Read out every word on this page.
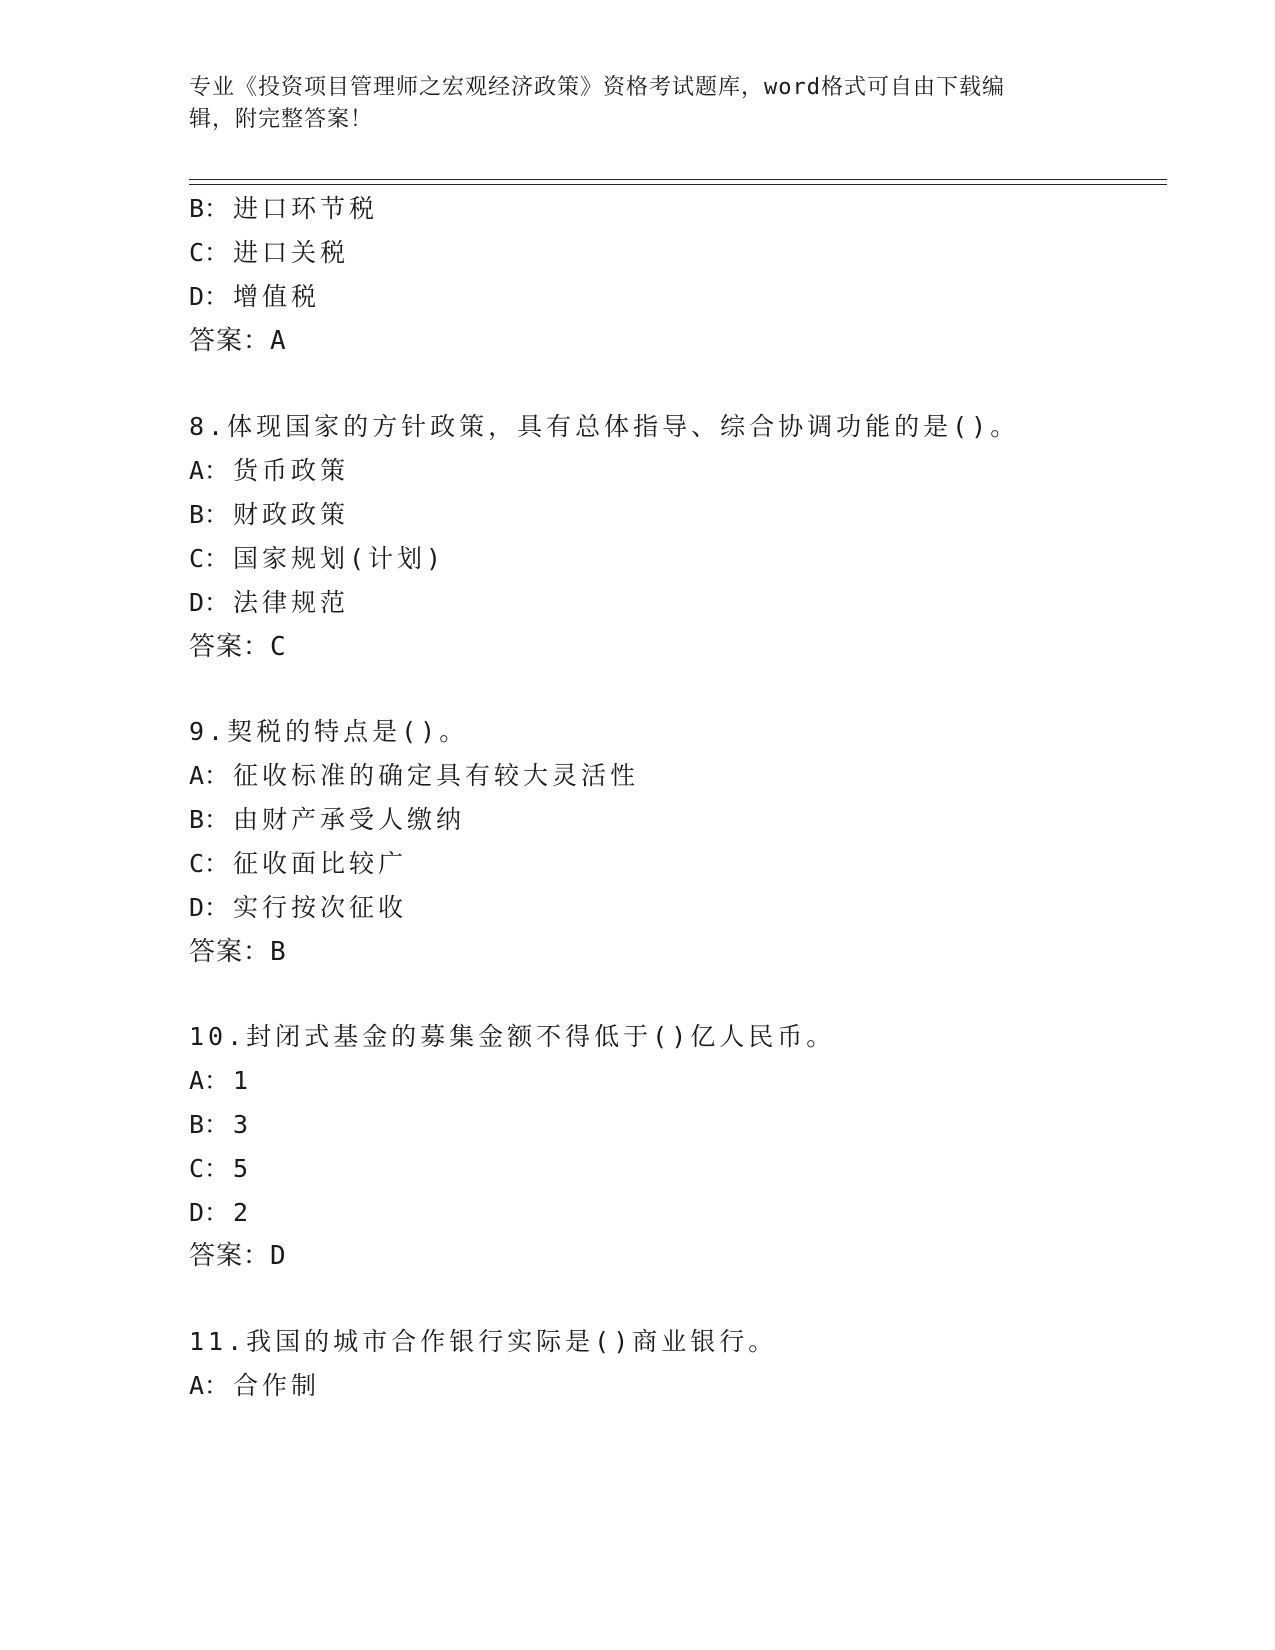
专业《投资项目管理师之宏观经济政策》资格考试题库，word格式可自由下载编
辑，附完整答案！
B： 进口环节税
C： 进口关税
D： 增值税
答案：A
8.体现国家的方针政策，具有总体指导、综合协调功能的是()。
A： 货币政策
B： 财政政策
C： 国家规划(计划)
D： 法律规范
答案：C
9.契税的特点是()。
A： 征收标准的确定具有较大灵活性
B： 由财产承受人缴纳
C： 征收面比较广
D： 实行按次征收
答案：B
10.封闭式基金的募集金额不得低于()亿人民币。
A： 1
B： 3
C： 5
D： 2
答案：D
11.我国的城市合作银行实际是()商业银行。
A： 合作制
